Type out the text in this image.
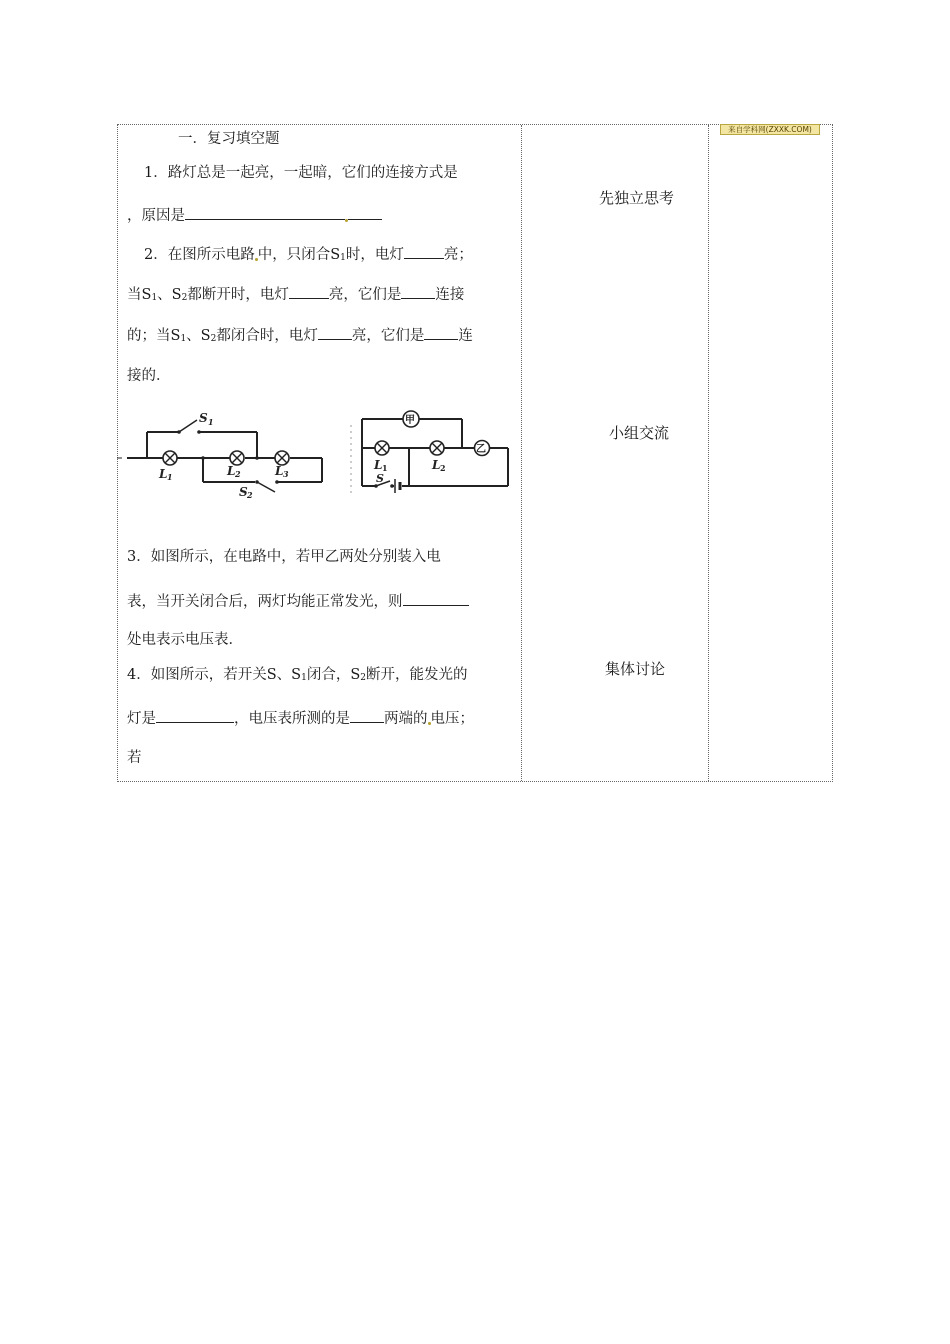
来自学科网(ZXXK.COM)
一．复习填空题
1．路灯总是一起亮，一起暗，它们的连接方式是
，原因是
2．在图所示电路 中，只闭合S1时，电灯	亮；
当S1、S2都断开时，电灯	亮，它们是 连接
的；当S1、S2都闭合时，电灯 亮，它们是 连
接的．
S 1
L 1	L 2	L 3
S 2
甲
乙
L 1	L 2
S
3．如图所示，在电路中，若甲乙两处分别装入电
表，当开关闭合后，两灯均能正常发光，则
处电表示电压表．
4．如图所示，若开关S、S1闭合，S2断开，能发光的
灯是	，电压表所测的是 两端的 电压；
若
先独立思考
小组交流
集体讨论
